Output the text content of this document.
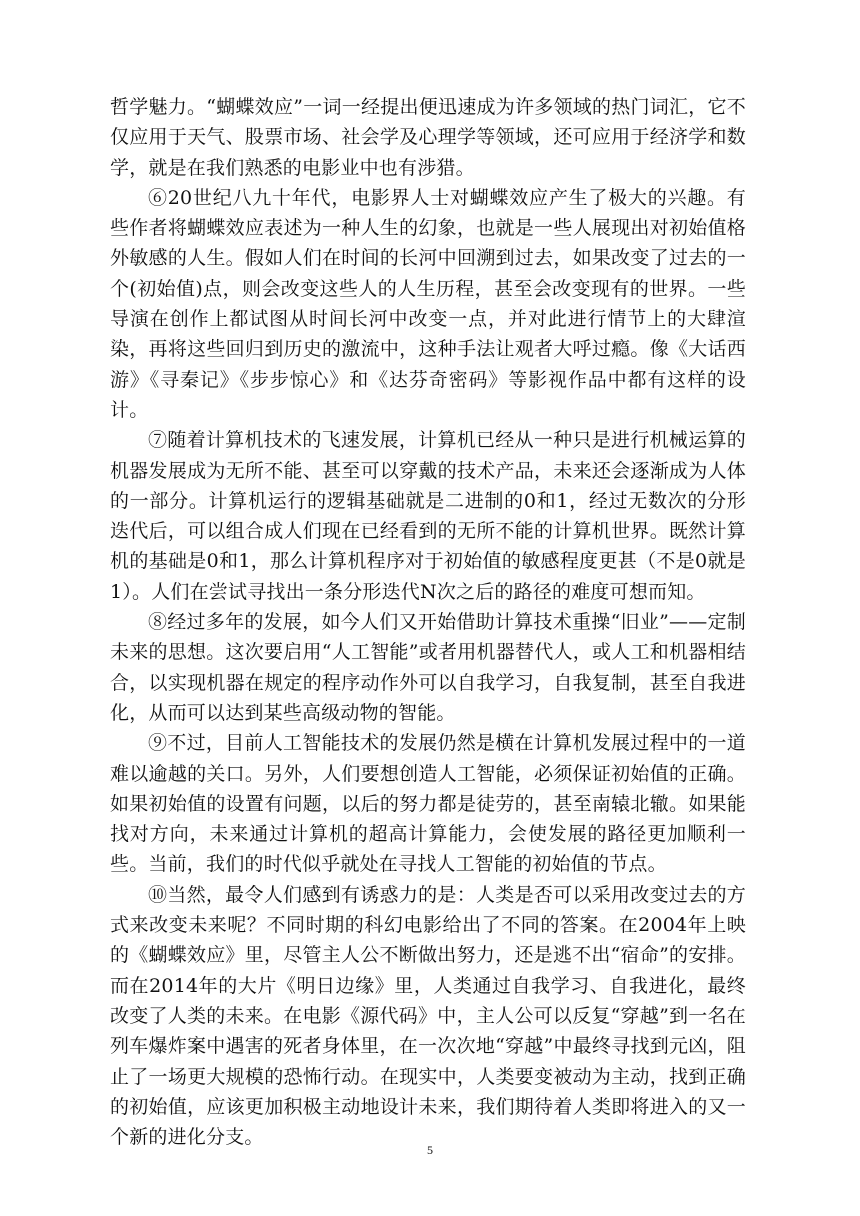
哲学魅力。“蝴蝶效应”一词一经提出便迅速成为许多领域的热门词汇，它不仅应用于天气、股票市场、社会学及心理学等领域，还可应用于经济学和数学，就是在我们熟悉的电影业中也有涉猎。

⑥20世纪八九十年代，电影界人士对蝴蝶效应产生了极大的兴趣。有些作者将蝴蝶效应表述为一种人生的幻象，也就是一些人展现出对初始值格外敏感的人生。假如人们在时间的长河中回溯到过去，如果改变了过去的一个(初始值)点，则会改变这些人的人生历程，甚至会改变现有的世界。一些导演在创作上都试图从时间长河中改变一点，并对此进行情节上的大肆渲染，再将这些回归到历史的激流中，这种手法让观者大呼过瘾。像《大话西游》《寻秦记》《步步惊心》和《达芬奇密码》等影视作品中都有这样的设计。

⑦随着计算机技术的飞速发展，计算机已经从一种只是进行机械运算的机器发展成为无所不能、甚至可以穿戴的技术产品，未来还会逐渐成为人体的一部分。计算机运行的逻辑基础就是二进制的0和1，经过无数次的分形迭代后，可以组合成人们现在已经看到的无所不能的计算机世界。既然计算机的基础是0和1，那么计算机程序对于初始值的敏感程度更甚（不是0就是1）。人们在尝试寻找出一条分形迭代N次之后的路径的难度可想而知。

⑧经过多年的发展，如今人们又开始借助计算技术重操“旧业”——定制未来的思想。这次要启用“人工智能”或者用机器替代人，或人工和机器相结合，以实现机器在规定的程序动作外可以自我学习，自我复制，甚至自我进化，从而可以达到某些高级动物的智能。

⑨不过，目前人工智能技术的发展仍然是横在计算机发展过程中的一道难以逾越的关口。另外，人们要想创造人工智能，必须保证初始值的正确。如果初始值的设置有问题，以后的努力都是徒劳的，甚至南辕北辙。如果能找对方向，未来通过计算机的超高计算能力，会使发展的路径更加顺利一些。当前，我们的时代似乎就处在寻找人工智能的初始值的节点。

⑩当然，最令人们感到有诱惑力的是：人类是否可以采用改变过去的方式来改变未来呢？不同时期的科幻电影给出了不同的答案。在2004年上映的《蝴蝶效应》里，尽管主人公不断做出努力，还是逃不出“宿命”的安排。而在2014年的大片《明日边缘》里，人类通过自我学习、自我进化，最终改变了人类的未来。在电影《源代码》中，主人公可以反复“穿越”到一名在列车爆炸案中遇害的死者身体里，在一次次地“穿越”中最终寻找到元凶，阻止了一场更大规模的恐怖行动。在现实中，人类要变被动为主动，找到正确的初始值，应该更加积极主动地设计未来，我们期待着人类即将进入的又一个新的进化分支。

5
